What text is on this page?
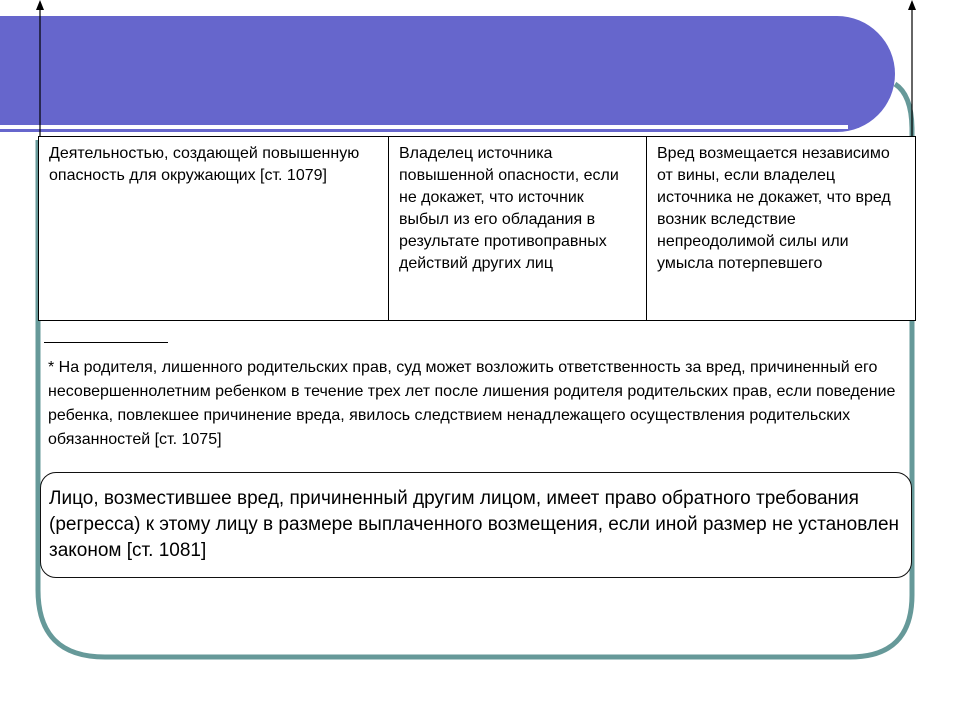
Деятельностью, создающей повышенную опасность для окружающих [ст. 1079]
Владелец источника повышенной опасности, если не докажет, что источник выбыл из его обладания в результате противоправных действий других лиц
Вред возмещается независимо от вины, если владелец источника не докажет, что вред возник вследствие непреодолимой силы или умысла потерпевшего
* На родителя, лишенного родительских прав, суд может возложить ответственность за вред, причиненный его несовершеннолетним ребенком в течение трех лет после лишения родителя родительских прав, если поведение ребенка, повлекшее причинение вреда, явилось следствием ненадлежащего осуществления родительских обязанностей [ст. 1075]
Лицо, возместившее вред, причиненный другим лицом, имеет право обратного требования (регресса) к этому лицу в размере выплаченного возмещения, если иной размер не установлен законом [ст. 1081]
